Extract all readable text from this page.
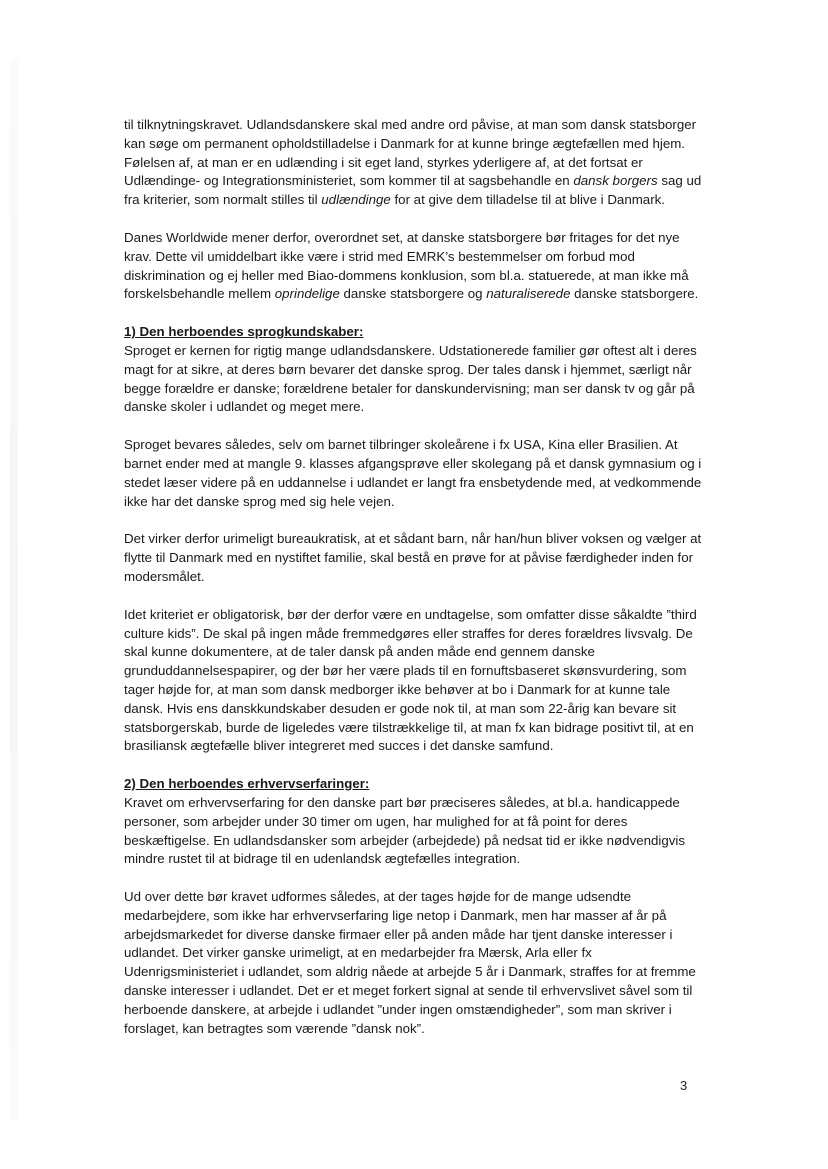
til tilknytningskravet. Udlandsdanskere skal med andre ord påvise, at man som dansk statsborger kan søge om permanent opholdstilladelse i Danmark for at kunne bringe ægtefællen med hjem. Følelsen af, at man er en udlænding i sit eget land, styrkes yderligere af, at det fortsat er Udlændinge- og Integrationsministeriet, som kommer til at sagsbehandle en dansk borgers sag ud fra kriterier, som normalt stilles til udlændinge for at give dem tilladelse til at blive i Danmark.

Danes Worldwide mener derfor, overordnet set, at danske statsborgere bør fritages for det nye krav. Dette vil umiddelbart ikke være i strid med EMRK’s bestemmelser om forbud mod diskrimination og ej heller med Biao-dommens konklusion, som bl.a. statuerede, at man ikke må forskelsbehandle mellem oprindelige danske statsborgere og naturaliserede danske statsborgere.

1) Den herboendes sprogkundskaber:

Sproget er kernen for rigtig mange udlandsdanskere. Udstationerede familier gør oftest alt i deres magt for at sikre, at deres børn bevarer det danske sprog. Der tales dansk i hjemmet, særligt når begge forældre er danske; forældrene betaler for danskundervisning; man ser dansk tv og går på danske skoler i udlandet og meget mere.

Sproget bevares således, selv om barnet tilbringer skoleårene i fx USA, Kina eller Brasilien. At barnet ender med at mangle 9. klasses afgangsprøve eller skolegang på et dansk gymnasium og i stedet læser videre på en uddannelse i udlandet er langt fra ensbetydende med, at vedkommende ikke har det danske sprog med sig hele vejen.

Det virker derfor urimeligt bureaukratisk, at et sådant barn, når han/hun bliver voksen og vælger at flytte til Danmark med en nystiftet familie, skal bestå en prøve for at påvise færdigheder inden for modersmålet.

Idet kriteriet er obligatorisk, bør der derfor være en undtagelse, som omfatter disse såkaldte ”third culture kids”. De skal på ingen måde fremmedgøres eller straffes for deres forældres livsvalg. De skal kunne dokumentere, at de taler dansk på anden måde end gennem danske grunduddannelsespapirer, og der bør her være plads til en fornuftsbaseret skønsvurdering, som tager højde for, at man som dansk medborger ikke behøver at bo i Danmark for at kunne tale dansk. Hvis ens danskkundskaber desuden er gode nok til, at man som 22-årig kan bevare sit statsborgerskab, burde de ligeledes være tilstrækkelige til, at man fx kan bidrage positivt til, at en brasiliansk ægtefælle bliver integreret med succes i det danske samfund.

2) Den herboendes erhvervserfaringer:

Kravet om erhvervserfaring for den danske part bør præciseres således, at bl.a. handicappede personer, som arbejder under 30 timer om ugen, har mulighed for at få point for deres beskæftigelse. En udlandsdansker som arbejder (arbejdede) på nedsat tid er ikke nødvendigvis mindre rustet til at bidrage til en udenlandsk ægtefælles integration.

Ud over dette bør kravet udformes således, at der tages højde for de mange udsendte medarbejdere, som ikke har erhvervserfaring lige netop i Danmark, men har masser af år på arbejdsmarkedet for diverse danske firmaer eller på anden måde har tjent danske interesser i udlandet. Det virker ganske urimeligt, at en medarbejder fra Mærsk, Arla eller fx Udenrigsministeriet i udlandet, som aldrig nåede at arbejde 5 år i Danmark, straffes for at fremme danske interesser i udlandet. Det er et meget forkert signal at sende til erhvervslivet såvel som til herboende danskere, at arbejde i udlandet ”under ingen omstændigheder”, som man skriver i forslaget, kan betragtes som værende ”dansk nok”.

3
